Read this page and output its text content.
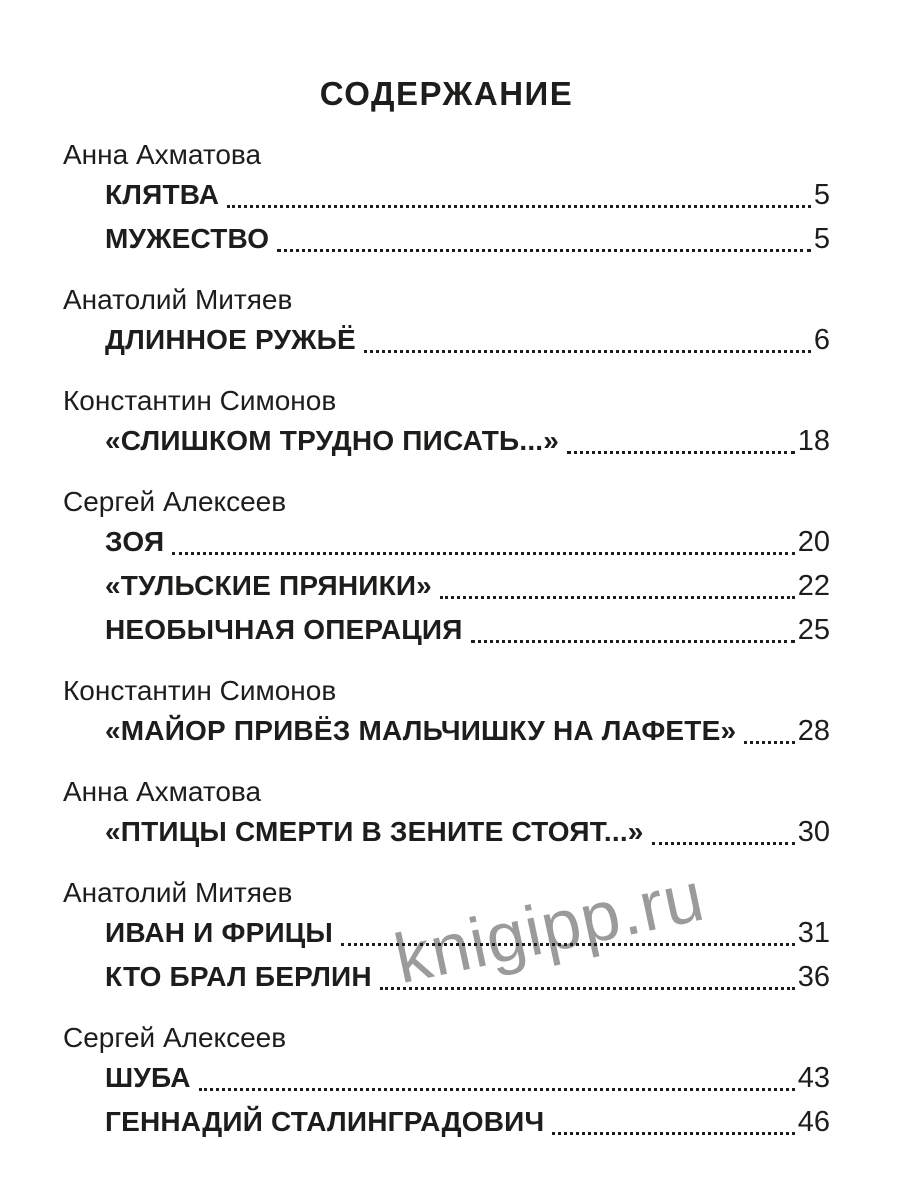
knigipp.ru
СОДЕРЖАНИЕ
Анна Ахматова
КЛЯТВА	5
МУЖЕСТВО	5
Анатолий Митяев
ДЛИННОЕ РУЖЬЁ	6
Константин Симонов
«СЛИШКОМ ТРУДНО ПИСАТЬ...»	18
Сергей Алексеев
ЗОЯ	20
«ТУЛЬСКИЕ ПРЯНИКИ»	22
НЕОБЫЧНАЯ ОПЕРАЦИЯ	25
Константин Симонов
«МАЙОР ПРИВЁЗ МАЛЬЧИШКУ НА ЛАФЕТЕ» 28
Анна Ахматова
«ПТИЦЫ СМЕРТИ В ЗЕНИТЕ СТОЯТ...»	30
Анатолий Митяев
ИВАН И ФРИЦЫ	31
КТО БРАЛ БЕРЛИН	36
Сергей Алексеев
ШУБА	43
ГЕННАДИЙ СТАЛИНГРАДОВИЧ	46
